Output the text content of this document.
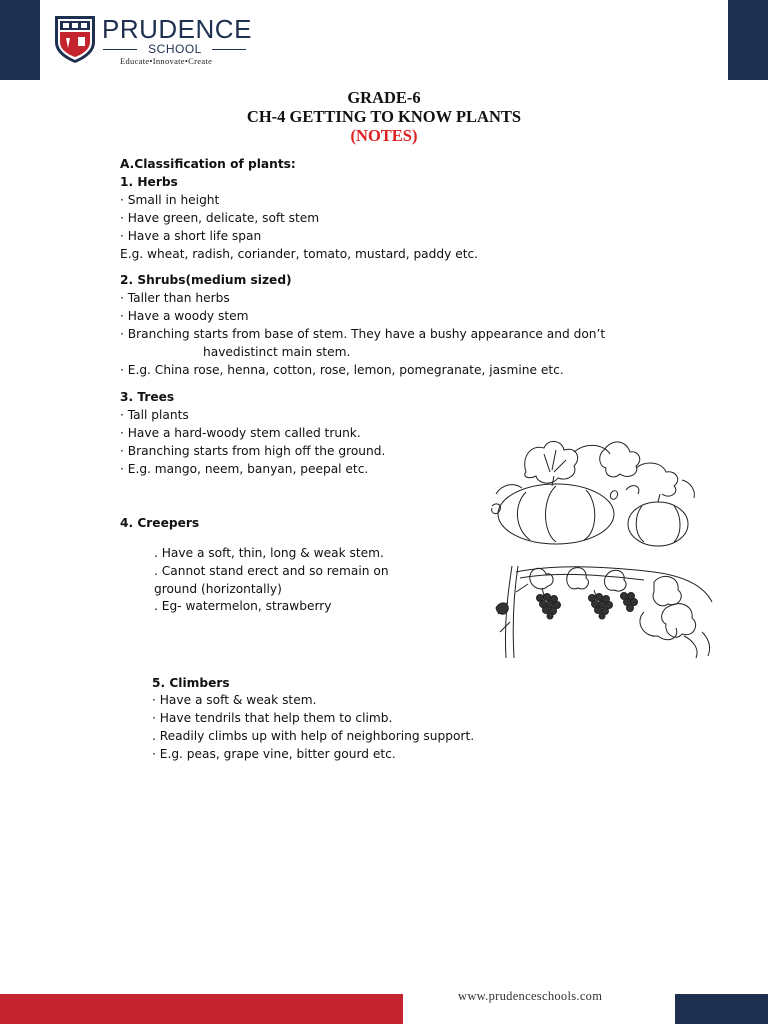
PRUDENCE
SCHOOL
Educate•Innovate•Create
GRADE-6
CH-4 GETTING TO KNOW PLANTS
(NOTES)

A.Classification of plants:

1. Herbs

· Small in height

· Have green, delicate, soft stem

· Have a short life span

E.g. wheat, radish, coriander, tomato, mustard, paddy etc.

2. Shrubs(medium sized)

· Taller than herbs

· Have a woody stem

· Branching starts from base of stem. They have a bushy appearance and don’t

havedistinct main stem.

· E.g. China rose, henna, cotton, rose, lemon, pomegranate, jasmine etc.

3. Trees

· Tall plants

· Have a hard-woody stem called trunk.

· Branching starts from high off the ground.

· E.g. mango, neem, banyan, peepal etc.

4. Creepers

. Have a soft, thin, long & weak stem.

. Cannot stand erect and so remain on

ground (horizontally)

. Eg- watermelon, strawberry

5. Climbers

· Have a soft & weak stem.

· Have tendrils that help them to climb.

. Readily climbs up with help of neighboring support.

· E.g. peas, grape vine, bitter gourd etc.

www.prudenceschools.com
